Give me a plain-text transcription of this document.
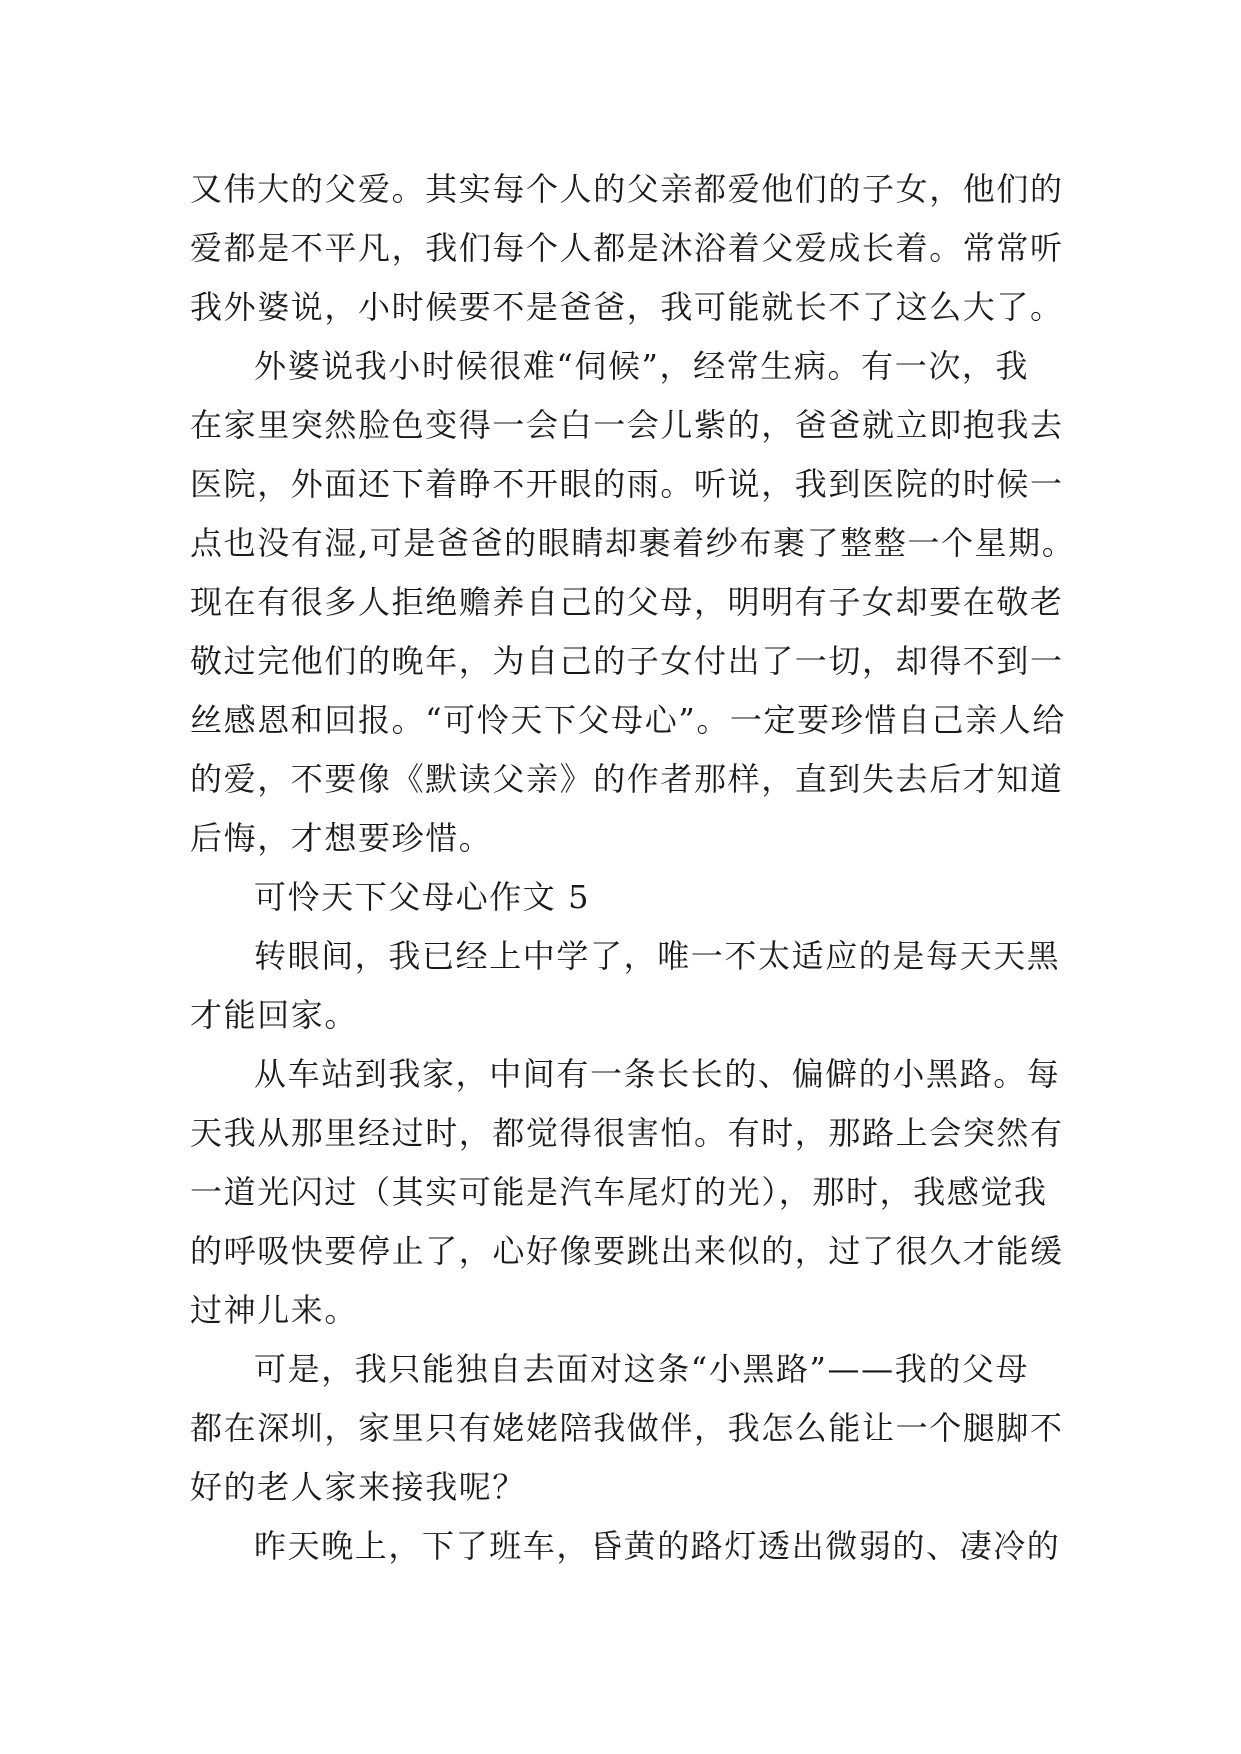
又伟大的父爱。其实每个人的父亲都爱他们的子女，他们的
爱都是不平凡，我们每个人都是沐浴着父爱成长着。常常听
我外婆说，小时候要不是爸爸，我可能就长不了这么大了。
外婆说我小时候很难“伺候”，经常生病。有一次，我
在家里突然脸色变得一会白一会儿紫的，爸爸就立即抱我去
医院，外面还下着睁不开眼的雨。听说，我到医院的时候一
点也没有湿,可是爸爸的眼睛却裹着纱布裹了整整一个星期。
现在有很多人拒绝赡养自己的父母，明明有子女却要在敬老
敬过完他们的晚年，为自己的子女付出了一切，却得不到一
丝感恩和回报。“可怜天下父母心”。一定要珍惜自己亲人给
的爱，不要像《默读父亲》的作者那样，直到失去后才知道
后悔，才想要珍惜。
可怜天下父母心作文 5
转眼间，我已经上中学了，唯一不太适应的是每天天黑
才能回家。
从车站到我家，中间有一条长长的、偏僻的小黑路。每
天我从那里经过时，都觉得很害怕。有时，那路上会突然有
一道光闪过（其实可能是汽车尾灯的光），那时，我感觉我
的呼吸快要停止了，心好像要跳出来似的，过了很久才能缓
过神儿来。
可是，我只能独自去面对这条“小黑路”——我的父母
都在深圳，家里只有姥姥陪我做伴，我怎么能让一个腿脚不
好的老人家来接我呢？
昨天晚上，下了班车，昏黄的路灯透出微弱的、凄冷的
